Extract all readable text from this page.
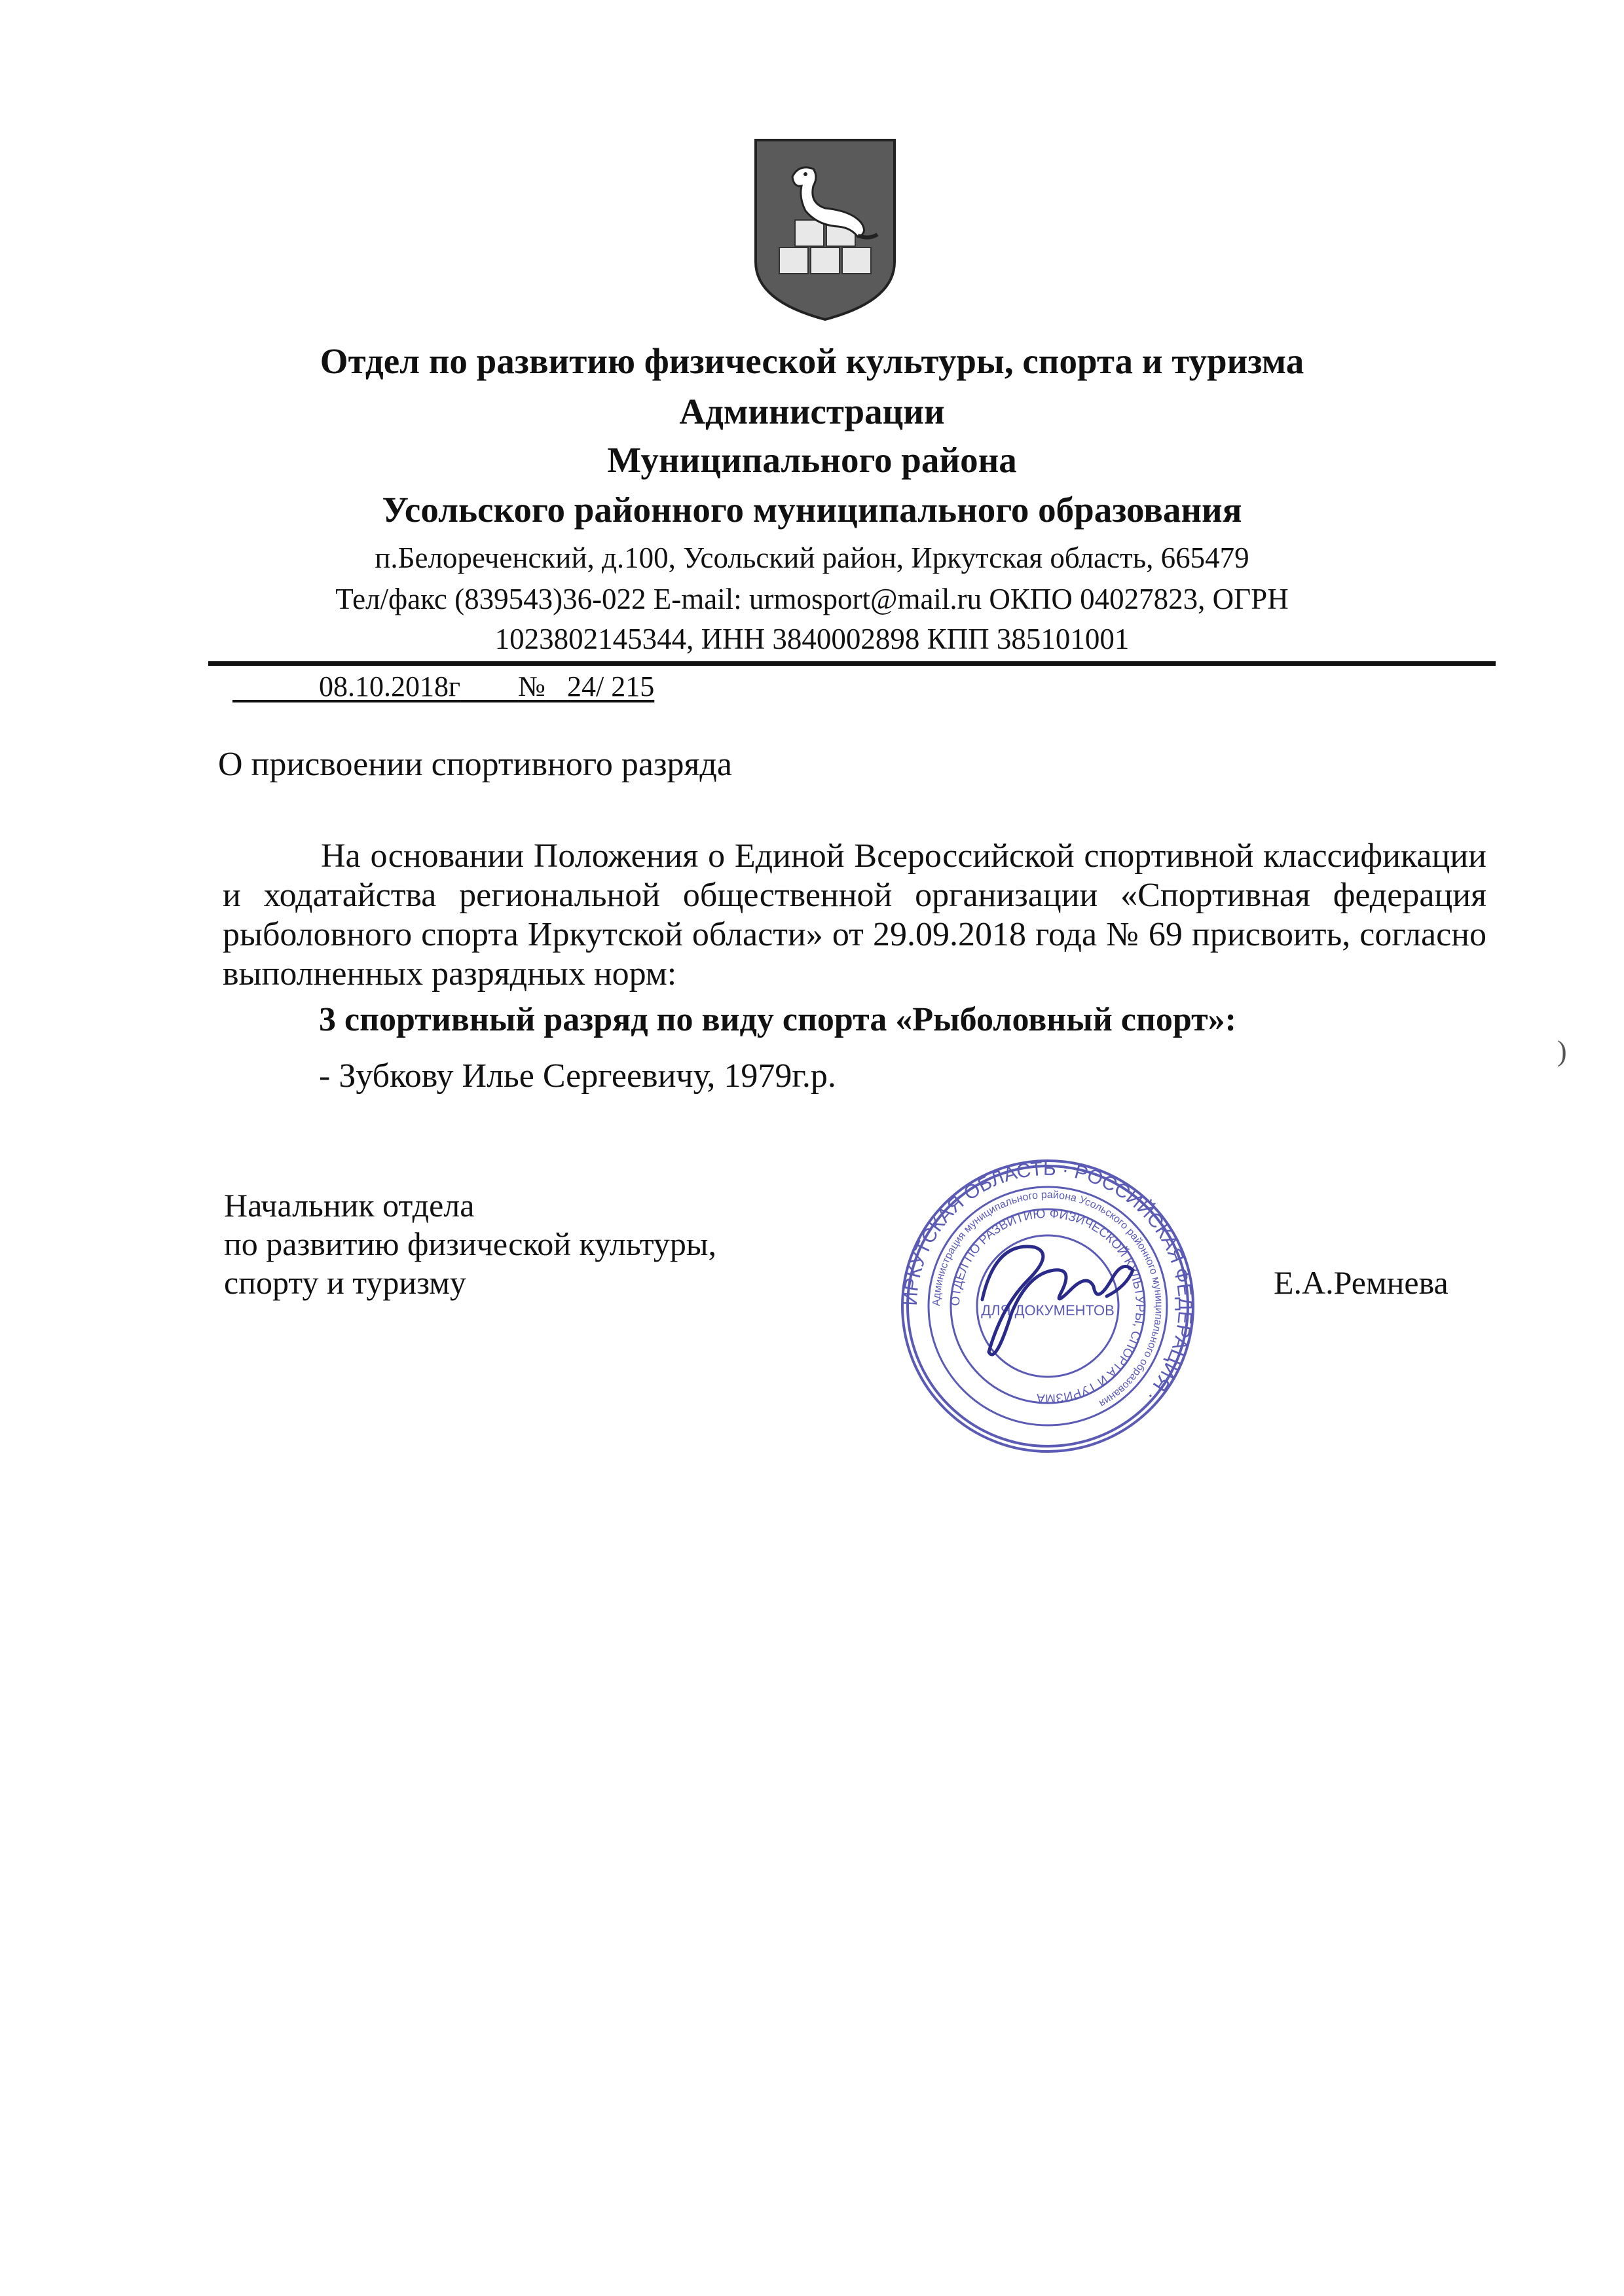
Отдел по развитию физической культуры, спорта и туризма
Администрации
Муниципального района
Усольского районного муниципального образования
п.Белореченский, д.100, Усольский район, Иркутская область, 665479
Тел/факс (839543)36-022 E-mail: urmosport@mail.ru ОКПО 04027823, ОГРН
1023802145344, ИНН 3840002898 КПП 385101001
08.10.2018г № 24/ 215
О присвоении спортивного разряда
На основании Положения о Единой Всероссийской спортивной классификации и ходатайства региональной общественной организации «Спортивная федерация рыболовного спорта Иркутской области» от 29.09.2018 года № 69 присвоить, согласно выполненных разрядных норм:
3 спортивный разряд по виду спорта «Рыболовный спорт»:
- Зубкову Илье Сергеевичу, 1979г.р.
)
Начальник отдела
по развитию физической культуры,
спорту и туризму	ИРКУТСКАЯ ОБЛАСТЬ · РОССИЙСКАЯ ФЕДЕРАЦИЯ ·
Администрация муниципального района Усольского районного муниципального образования
ОТДЕЛ ПО РАЗВИТИЮ ФИЗИЧЕСКОЙ КУЛЬТУРЫ, СПОРТА И ТУРИЗМА
ДЛЯ ДОКУМЕНТОВ
Е.А.Ремнева
